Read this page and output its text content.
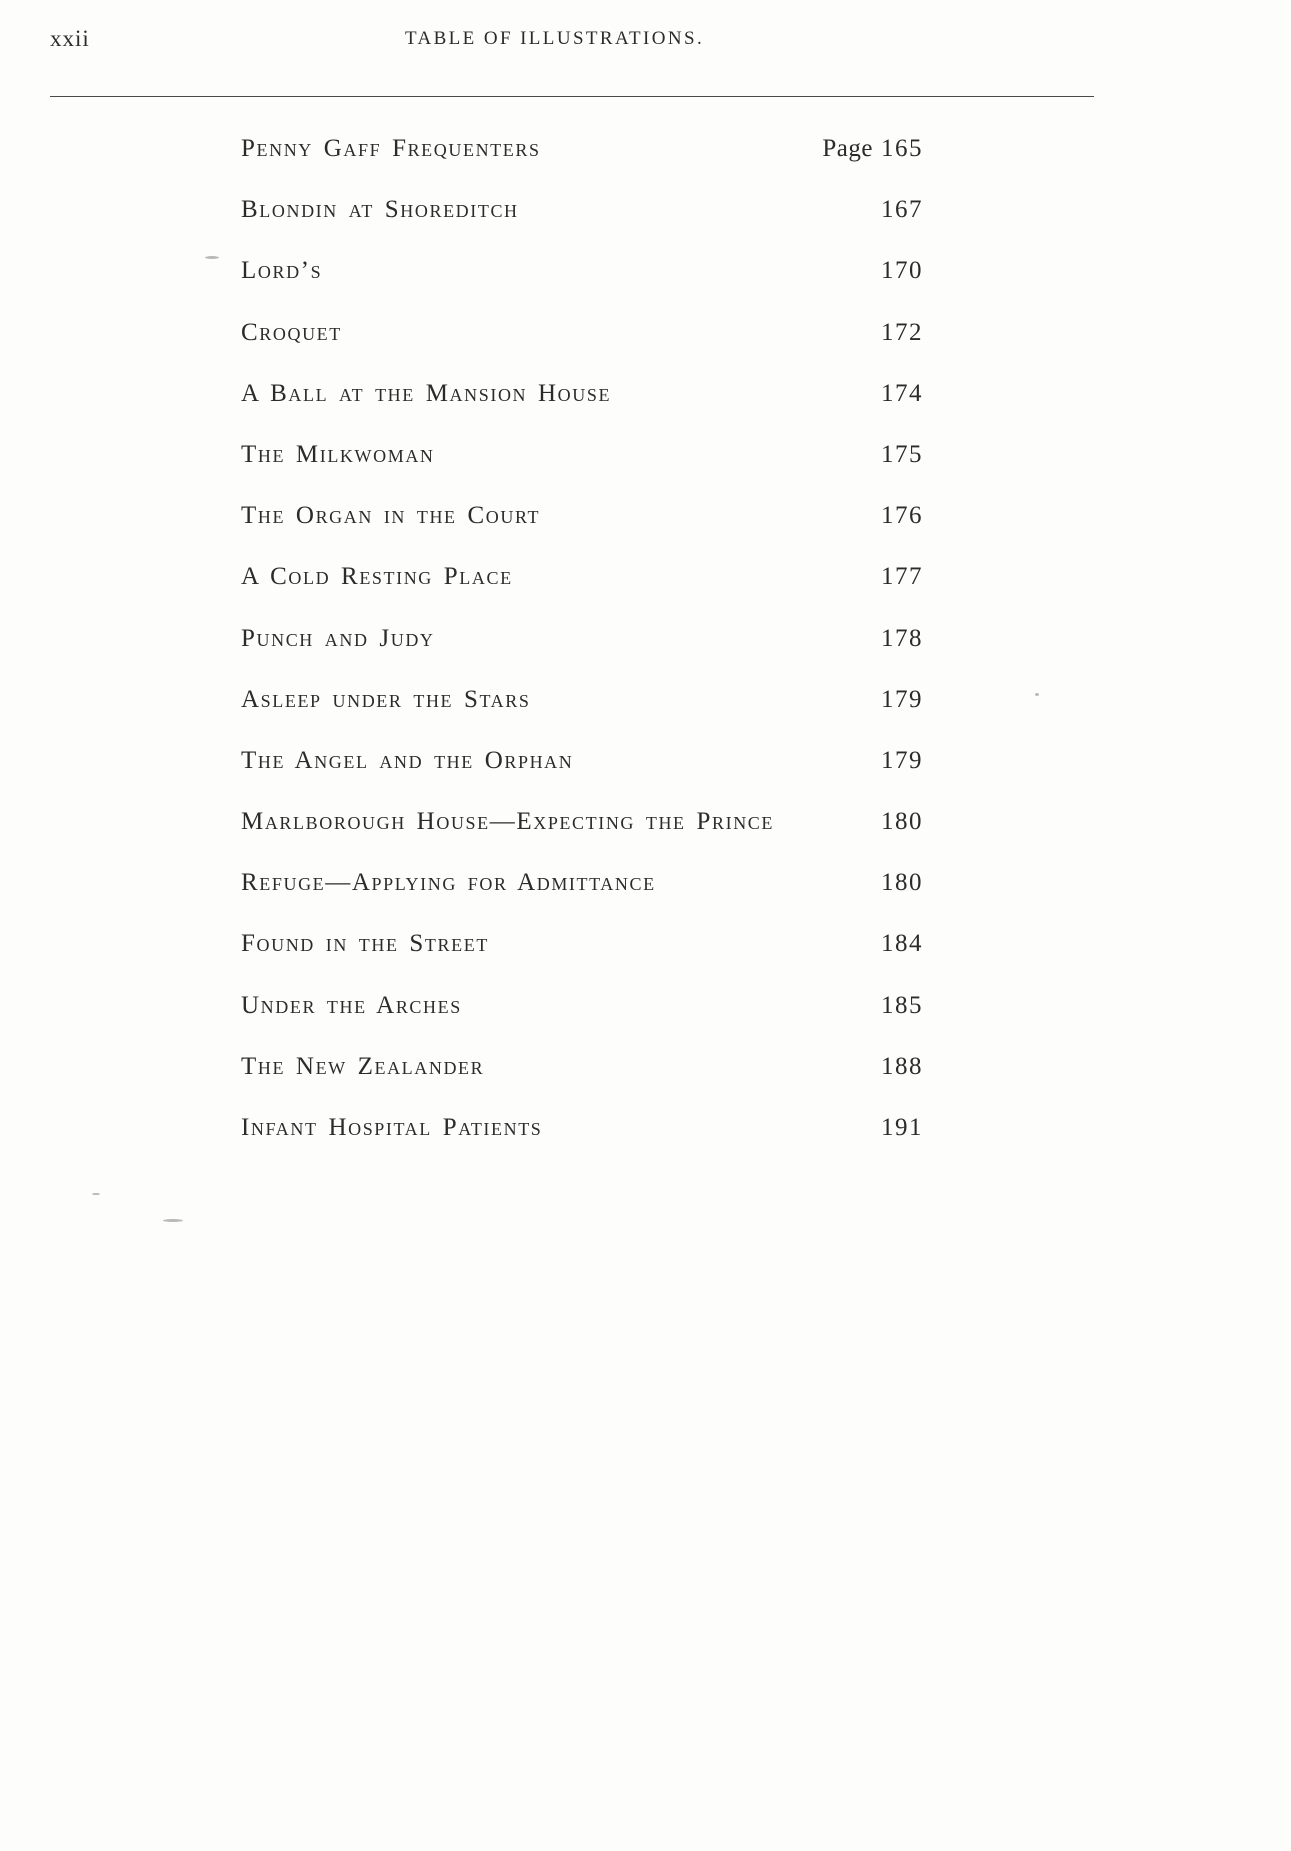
xxii	TABLE OF ILLUSTRATIONS.
Penny Gaff Frequenters	Page 165
Blondin at Shoreditch	167
Lord’s	170
Croquet	172
A Ball at the Mansion House	174
The Milkwoman	175
The Organ in the Court	176
A Cold Resting Place	177
Punch and Judy	178
Asleep under the Stars	179
The Angel and the Orphan	179
Marlborough House—Expecting the Prince	180
Refuge—Applying for Admittance	180
Found in the Street	184
Under the Arches	185
The New Zealander	188
Infant Hospital Patients	191
